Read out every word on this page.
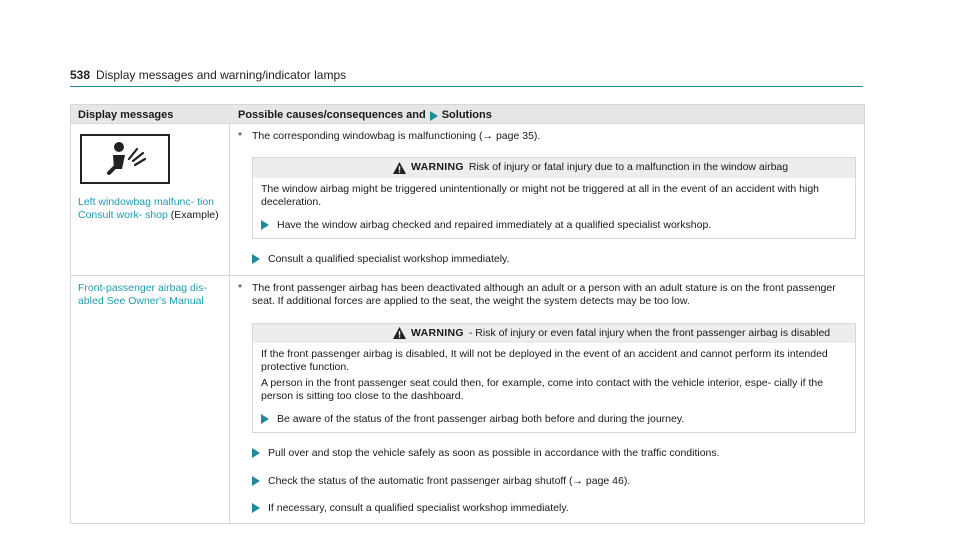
538 Display messages and warning/indicator lamps
Display messages	Possible causes/consequences and Solutions
Left windowbag malfunc- tion Consult work- shop (Example)
* The corresponding windowbag is malfunctioning (→ page 35).
WARNING Risk of injury or fatal injury due to a malfunction in the window airbag

The window airbag might be triggered unintentionally or might not be triggered at all in the event of an accident with high deceleration.

Have the window airbag checked and repaired immediately at a qualified specialist workshop.
Consult a qualified specialist workshop immediately.
Front-passenger airbag dis- abled See Owner's Manual
* The front passenger airbag has been deactivated although an adult or a person with an adult stature is on the front passenger seat. If additional forces are applied to the seat, the weight the system detects may be too low.
WARNING - Risk of injury or even fatal injury when the front passenger airbag is disabled

If the front passenger airbag is disabled, It will not be deployed in the event of an accident and cannot perform its intended protective function.

A person in the front passenger seat could then, for example, come into contact with the vehicle interior, espe- cially if the person is sitting too close to the dashboard.

Be aware of the status of the front passenger airbag both before and during the journey.
Pull over and stop the vehicle safely as soon as possible in accordance with the traffic conditions.
Check the status of the automatic front passenger airbag shutoff (→ page 46).
If necessary, consult a qualified specialist workshop immediately.
